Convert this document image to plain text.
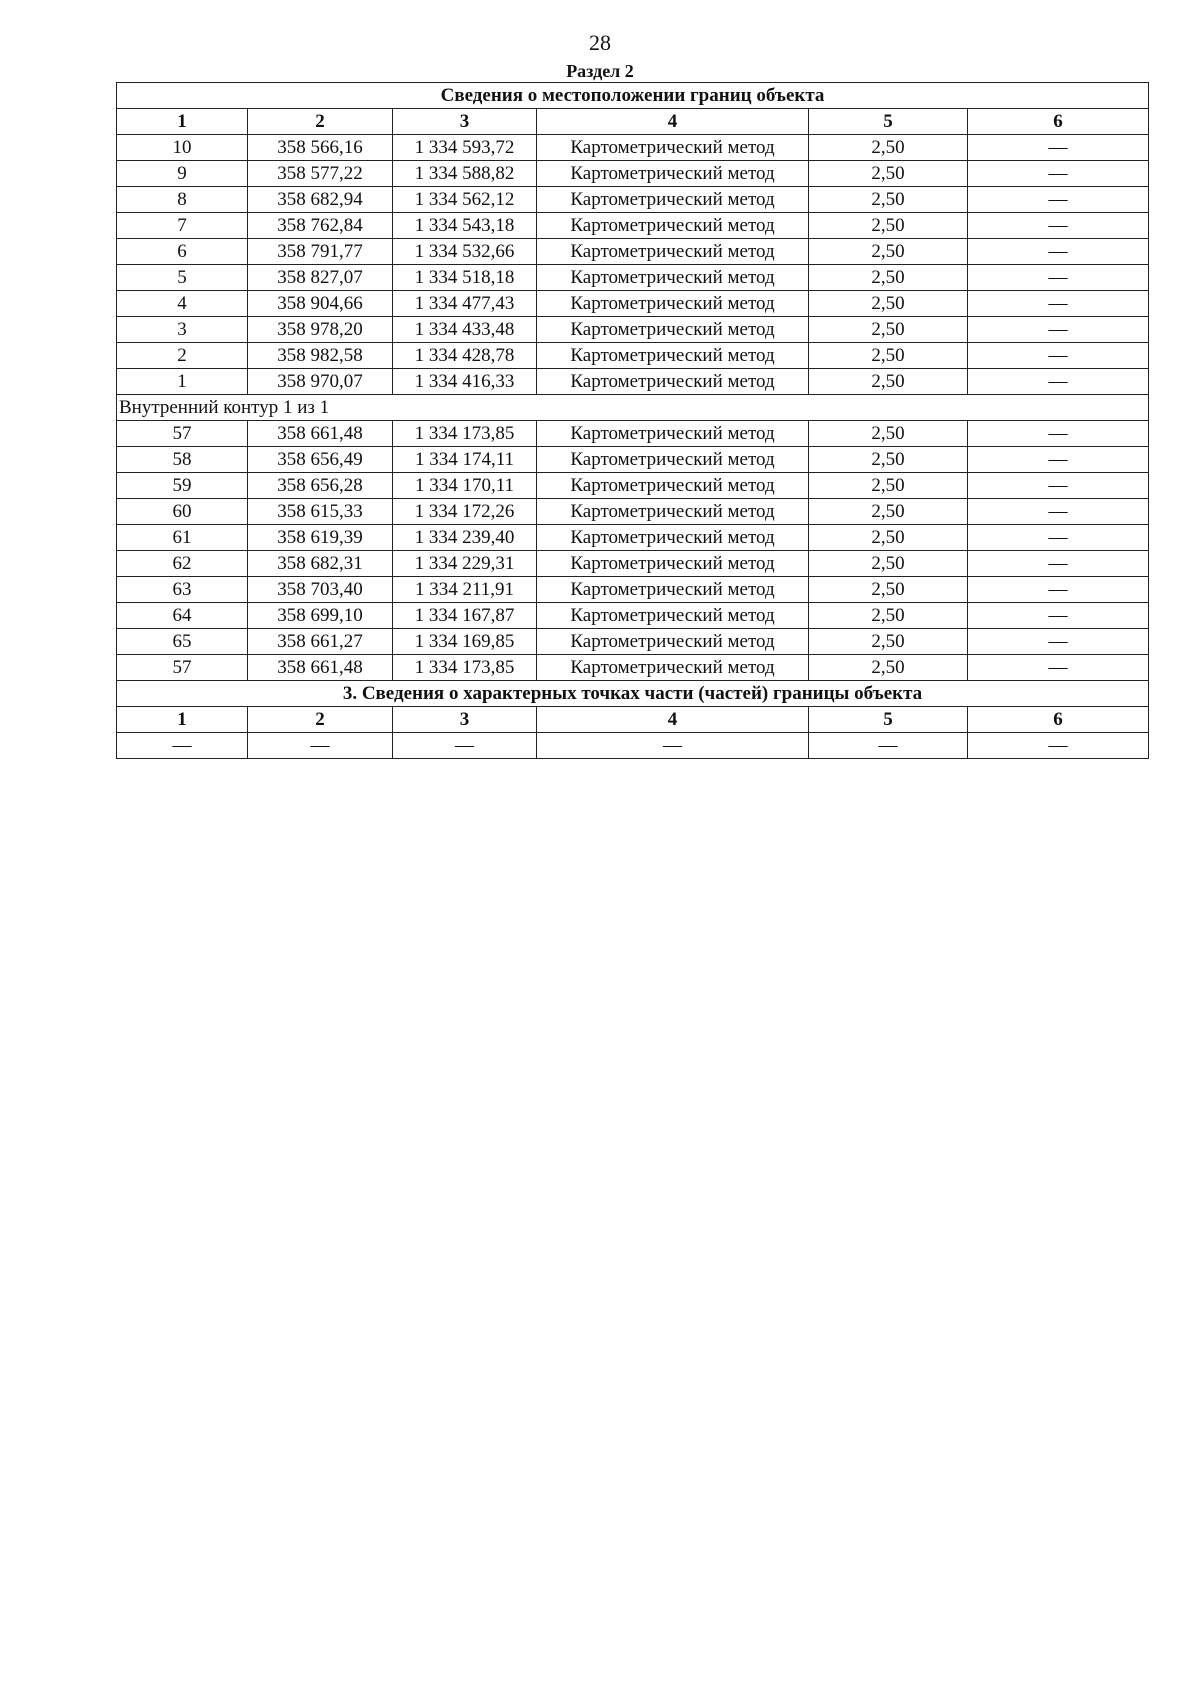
28
Раздел 2
Сведения о местоположении границ объекта					
1	2	3	4	5	6
10	358 566,16	1 334 593,72	Картометрический метод	2,50	—
9	358 577,22	1 334 588,82	Картометрический метод	2,50	—
8	358 682,94	1 334 562,12	Картометрический метод	2,50	—
7	358 762,84	1 334 543,18	Картометрический метод	2,50	—
6	358 791,77	1 334 532,66	Картометрический метод	2,50	—
5	358 827,07	1 334 518,18	Картометрический метод	2,50	—
4	358 904,66	1 334 477,43	Картометрический метод	2,50	—
3	358 978,20	1 334 433,48	Картометрический метод	2,50	—
2	358 982,58	1 334 428,78	Картометрический метод	2,50	—
1	358 970,07	1 334 416,33	Картометрический метод	2,50	—
Внутренний контур 1 из 1					
57	358 661,48	1 334 173,85	Картометрический метод	2,50	—
58	358 656,49	1 334 174,11	Картометрический метод	2,50	—
59	358 656,28	1 334 170,11	Картометрический метод	2,50	—
60	358 615,33	1 334 172,26	Картометрический метод	2,50	—
61	358 619,39	1 334 239,40	Картометрический метод	2,50	—
62	358 682,31	1 334 229,31	Картометрический метод	2,50	—
63	358 703,40	1 334 211,91	Картометрический метод	2,50	—
64	358 699,10	1 334 167,87	Картометрический метод	2,50	—
65	358 661,27	1 334 169,85	Картометрический метод	2,50	—
57	358 661,48	1 334 173,85	Картометрический метод	2,50	—
3. Сведения о характерных точках части (частей) границы объекта					
1	2	3	4	5	6
—	—	—	—	—	—
